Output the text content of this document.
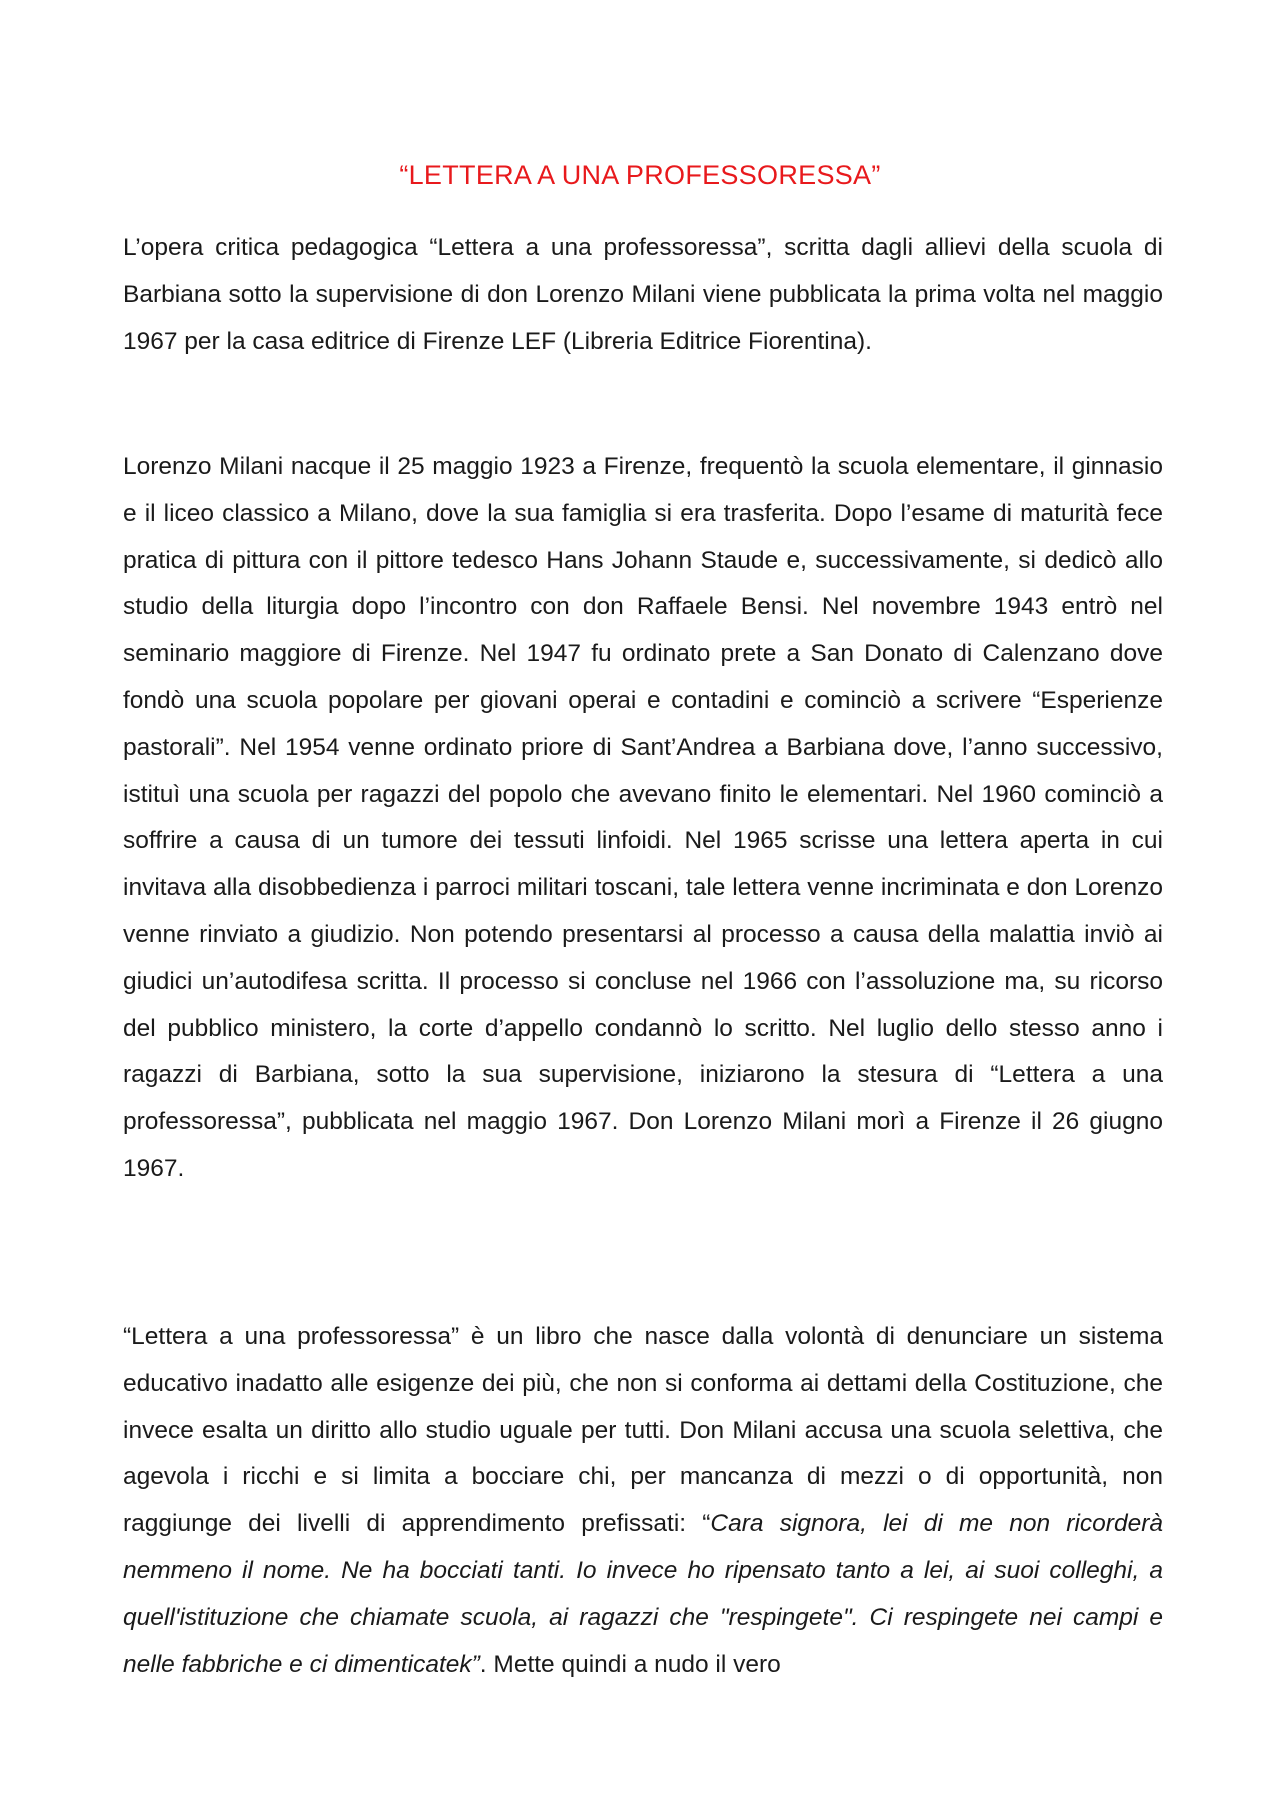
“LETTERA A UNA PROFESSORESSA”

L’opera critica pedagogica “Lettera a una professoressa”, scritta dagli allievi della scuola di Barbiana sotto la supervisione di don Lorenzo Milani viene pubblicata la prima volta nel maggio 1967 per la casa editrice di Firenze LEF (Libreria Editrice Fiorentina).

Lorenzo Milani nacque il 25 maggio 1923 a Firenze, frequentò la scuola elementare, il ginnasio e il liceo classico a Milano, dove la sua famiglia si era trasferita. Dopo l’esame di maturità fece pratica di pittura con il pittore tedesco Hans Johann Staude e, successivamente, si dedicò allo studio della liturgia dopo l’incontro con don Raffaele Bensi. Nel novembre 1943 entrò nel seminario maggiore di Firenze. Nel 1947 fu ordinato prete a San Donato di Calenzano dove fondò una scuola popolare per giovani operai e contadini e cominciò a scrivere “Esperienze pastorali”. Nel 1954 venne ordinato priore di Sant’Andrea a Barbiana dove, l’anno successivo, istituì una scuola per ragazzi del popolo che avevano finito le elementari. Nel 1960 cominciò a soffrire a causa di un tumore dei tessuti linfoidi. Nel 1965 scrisse una lettera aperta in cui invitava alla disobbedienza i parroci militari toscani, tale lettera venne incriminata e don Lorenzo venne rinviato a giudizio. Non potendo presentarsi al processo a causa della malattia inviò ai giudici un’autodifesa scritta. Il processo si concluse nel 1966 con l’assoluzione ma, su ricorso del pubblico ministero, la corte d’appello condannò lo scritto. Nel luglio dello stesso anno i ragazzi di Barbiana, sotto la sua supervisione, iniziarono la stesura di “Lettera a una professoressa”, pubblicata nel maggio 1967. Don Lorenzo Milani morì a Firenze il 26 giugno 1967.

“Lettera a una professoressa” è un libro che nasce dalla volontà di denunciare un sistema educativo inadatto alle esigenze dei più, che non si conforma ai dettami della Costituzione, che invece esalta un diritto allo studio uguale per tutti. Don Milani accusa una scuola selettiva, che agevola i ricchi e si limita a bocciare chi, per mancanza di mezzi o di opportunità, non raggiunge dei livelli di apprendimento prefissati: “Cara signora, lei di me non ricorderà nemmeno il nome. Ne ha bocciati tanti. Io invece ho ripensato tanto a lei, ai suoi colleghi, a quell'istituzione che chiamate scuola, ai ragazzi che "respingete". Ci respingete nei campi e nelle fabbriche e ci dimenticatek”. Mette quindi a nudo il vero
